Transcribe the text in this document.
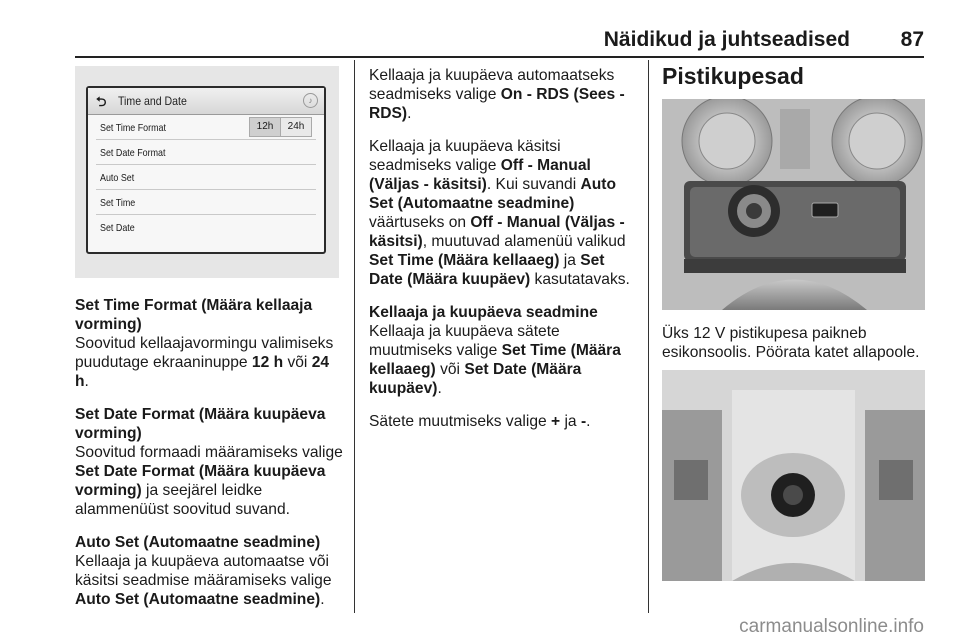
Näidikud ja juhtseadised 87
⮌ Time and Date	♪
Set Time Format	12h	24h
Set Date Format
Auto Set
Set Time
Set Date

Set Time Format (Määra kellaaja vorming)
Soovitud kellaajavormingu valimiseks puudutage ekraaninuppe 12 h või 24 h.

Set Date Format (Määra kuupäeva vorming)
Soovitud formaadi määramiseks valige Set Date Format (Määra kuupäeva vorming) ja seejärel leidke alammenüüst soovitud suvand.

Auto Set (Automaatne seadmine)
Kellaaja ja kuupäeva automaatse või käsitsi seadmise määramiseks valige Auto Set (Automaatne seadmine).

Kellaaja ja kuupäeva automaatseks seadmiseks valige On - RDS (Sees - RDS).

Kellaaja ja kuupäeva käsitsi seadmiseks valige Off - Manual (Väljas - käsitsi). Kui suvandi Auto Set (Automaatne seadmine) väärtuseks on Off - Manual (Väljas - käsitsi), muutuvad alamenüü valikud Set Time (Määra kellaaeg) ja Set Date (Määra kuupäev) kasutatavaks.

Kellaaja ja kuupäeva seadmine
Kellaaja ja kuupäeva sätete muutmiseks valige Set Time (Määra kellaaeg) või Set Date (Määra kuupäev).

Sätete muutmiseks valige + ja -.

Pistikupesad
Üks 12 V pistikupesa paikneb esikonsoolis. Pöörata katet allapoole.
carmanualsonline.info
